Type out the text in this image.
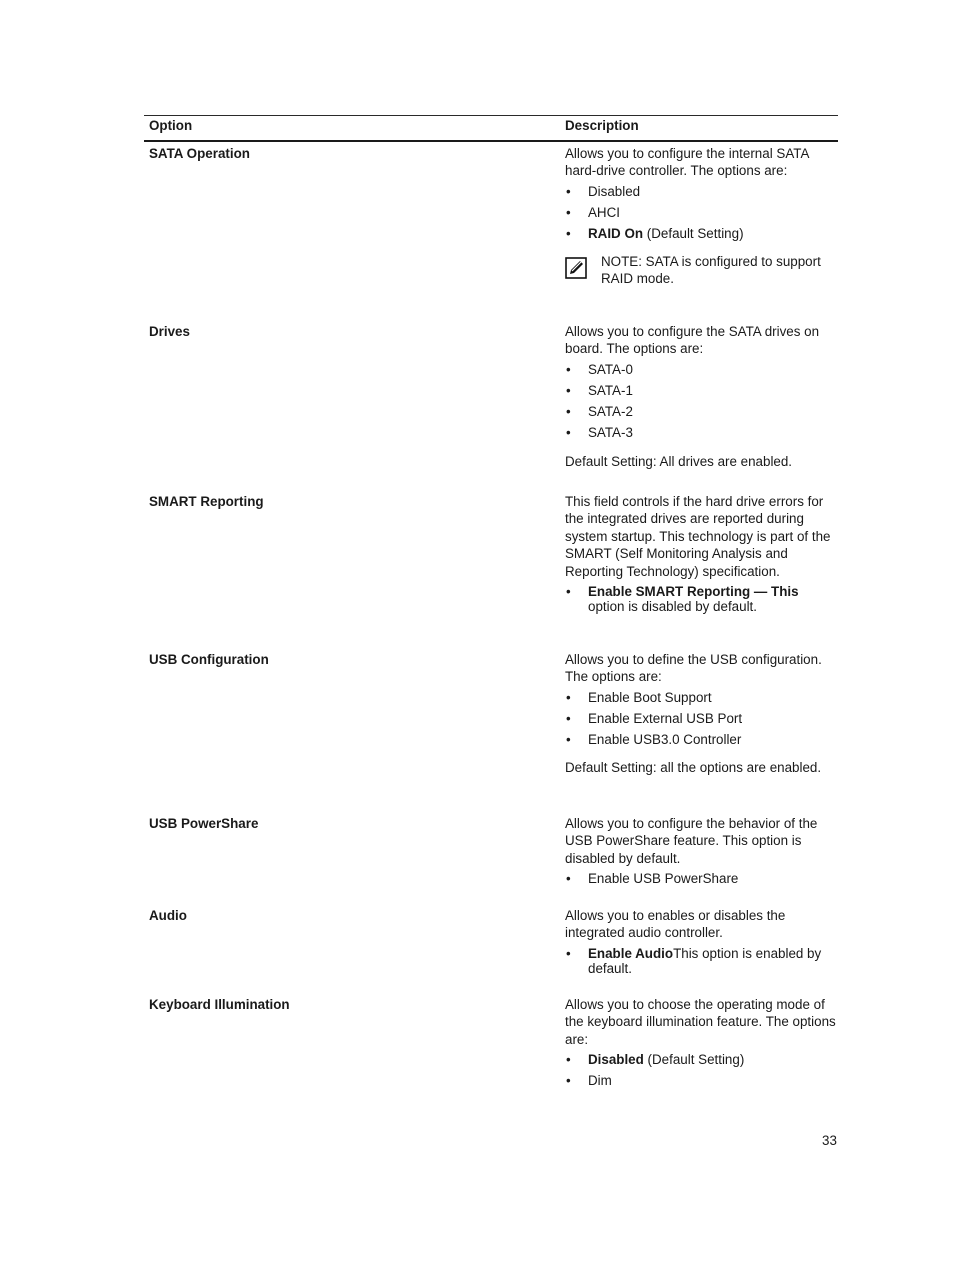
Option	Description
SATA Operation	Allows you to configure the internal SATA hard-drive controller. The options are:

• Disabled
• AHCI
• RAID On (Default Setting)
NOTE: SATA is configured to support RAID mode.
Drives	Allows you to configure the SATA drives on board. The options are:

• SATA-0
• SATA-1
• SATA-2
• SATA-3

Default Setting: All drives are enabled.

SMART Reporting	This field controls if the hard drive errors for the integrated drives are reported during system startup. This technology is part of the SMART (Self Monitoring Analysis and Reporting Technology) specification.

• Enable SMART Reporting — This option is disabled by default.
USB Configuration	Allows you to define the USB configuration. The options are:

• Enable Boot Support
• Enable External USB Port
• Enable USB3.0 Controller

Default Setting: all the options are enabled.

USB PowerShare	Allows you to configure the behavior of the USB PowerShare feature. This option is disabled by default.

• Enable USB PowerShare
Audio	Allows you to enables or disables the integrated audio controller.

• Enable AudioThis option is enabled by default.
Keyboard Illumination	Allows you to choose the operating mode of the keyboard illumination feature. The options are:

• Disabled (Default Setting)
• Dim
33
